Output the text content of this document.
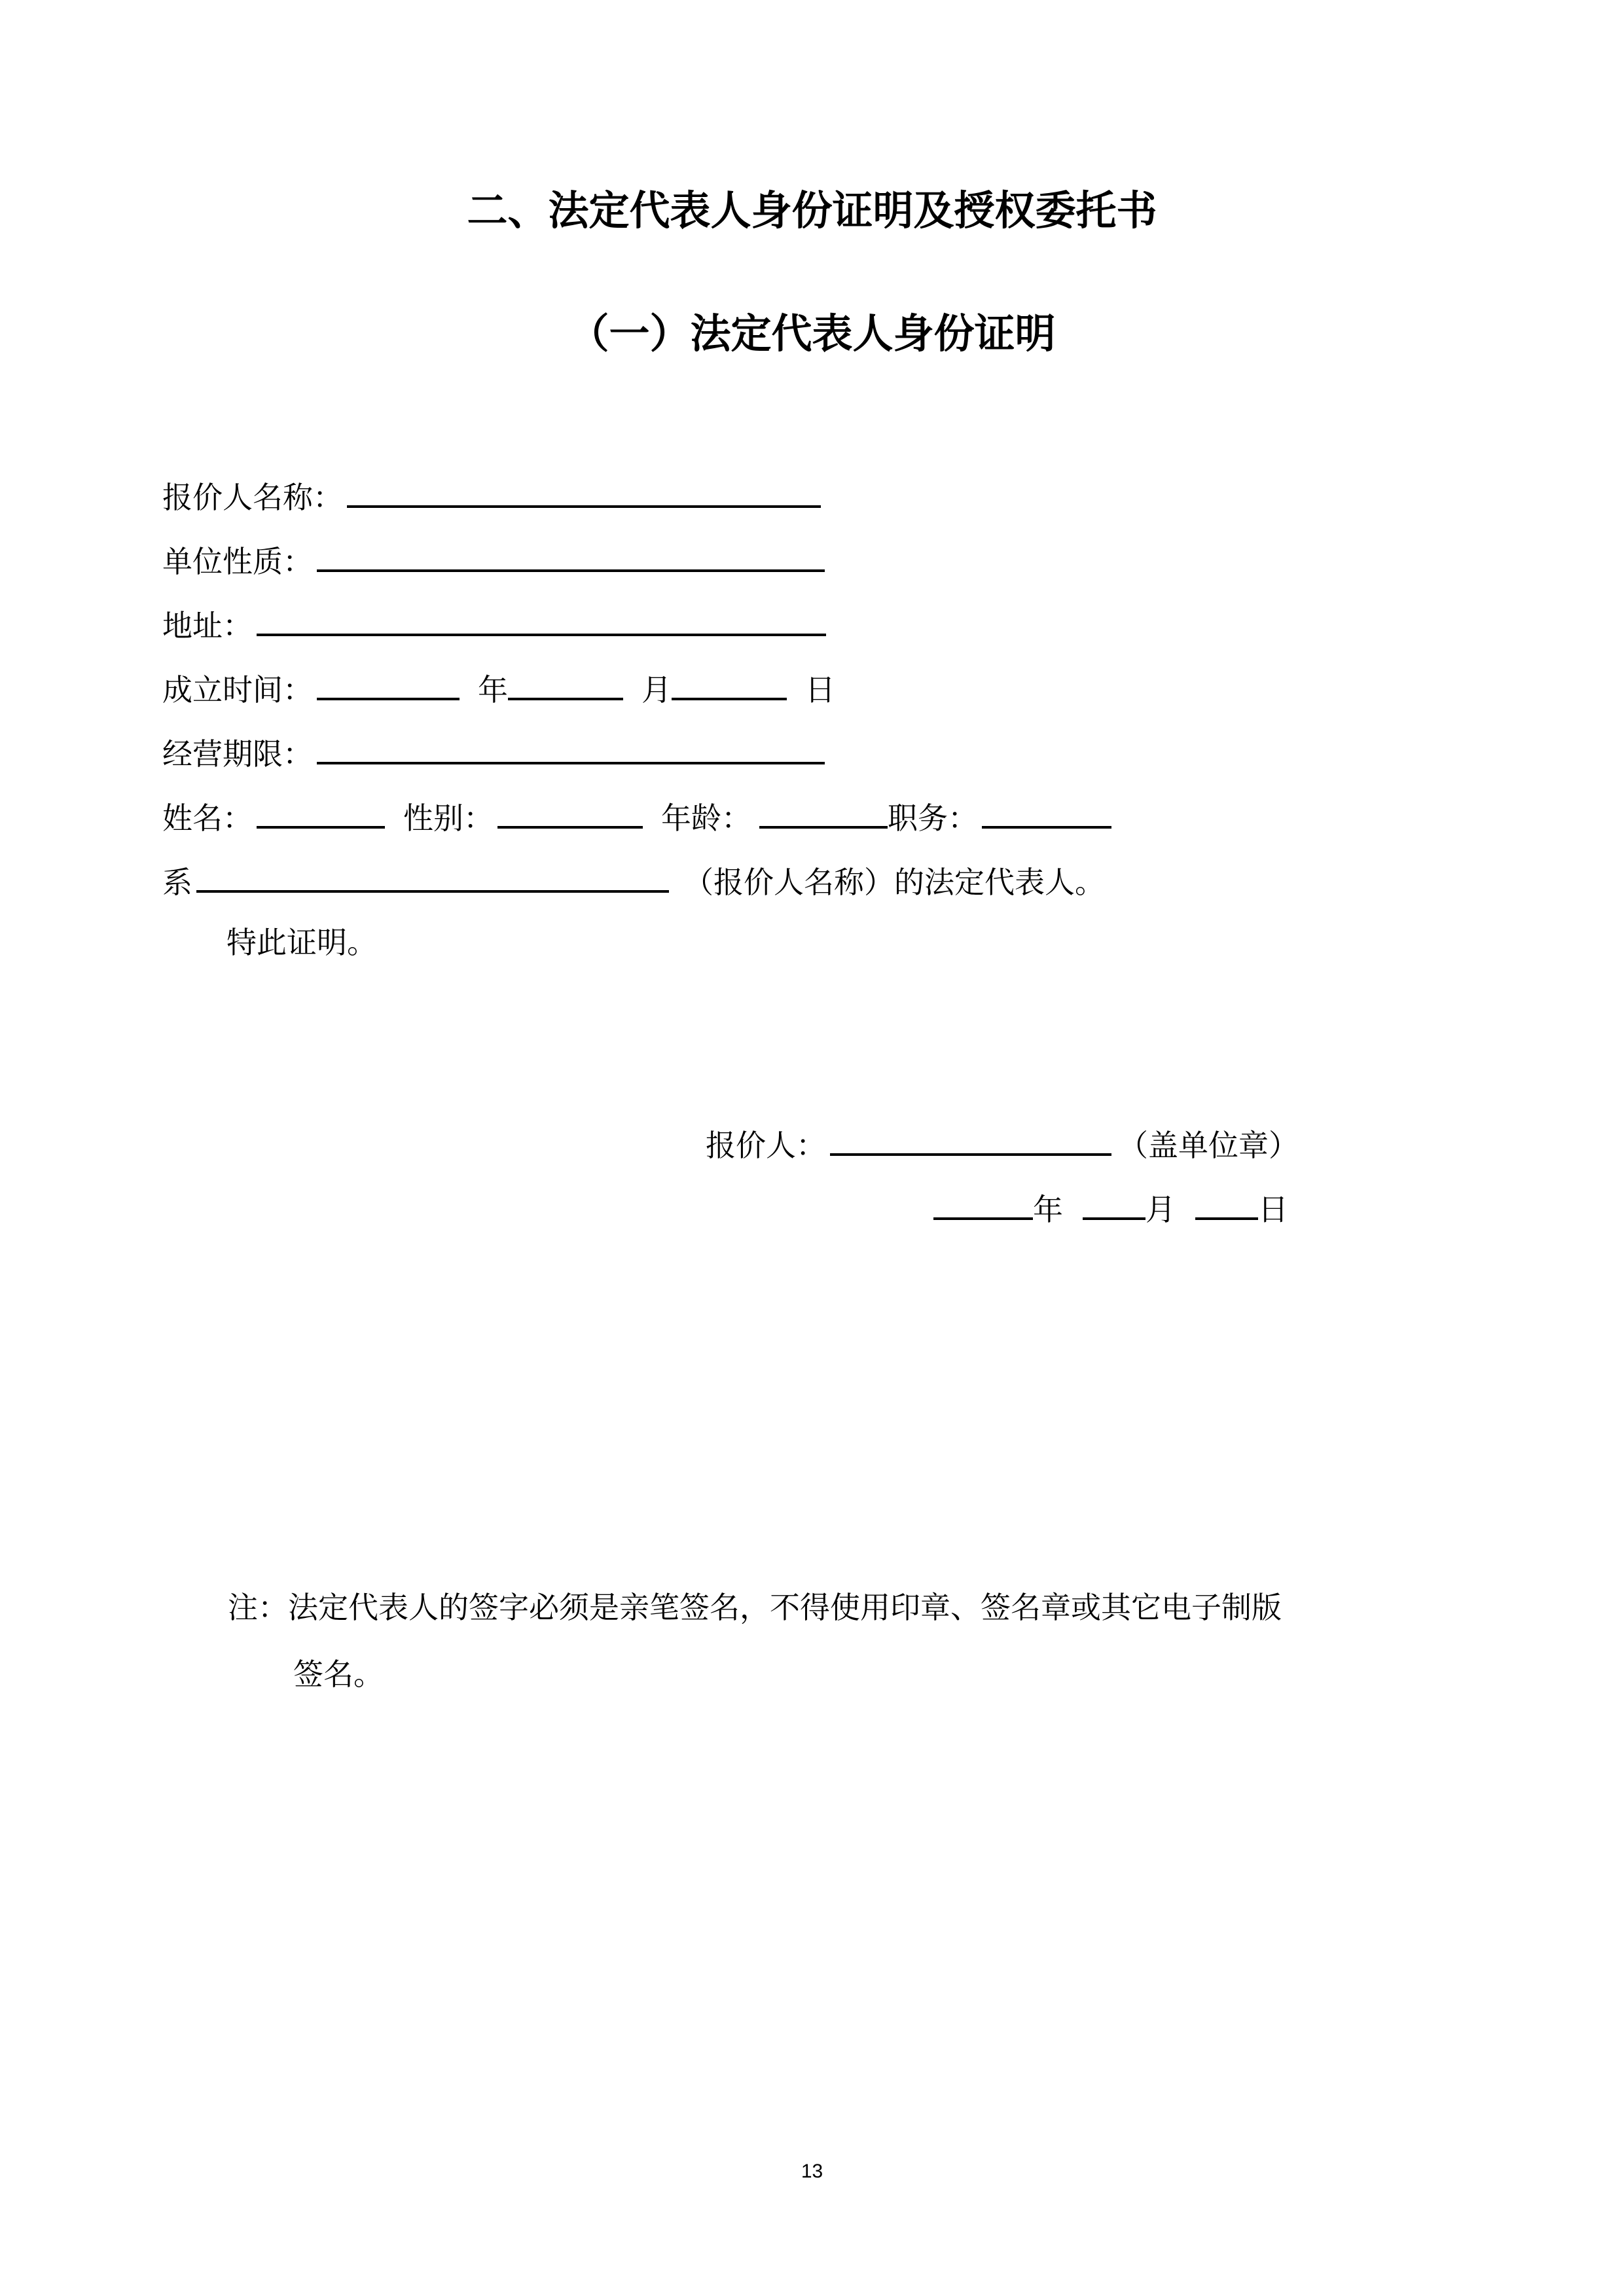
二、法定代表人身份证明及授权委托书
（一）法定代表人身份证明
报价人名称：
单位性质：
地址：
成立时间：	年	月	日
经营期限：
姓名：	性别：	年龄：	职务：
系	（报价人名称）的法定代表人。
特此证明。
报价人：	（盖单位章）
年	月	日
注：法定代表人的签字必须是亲笔签名，不得使用印章、签名章或其它电子制版
签名。
13
